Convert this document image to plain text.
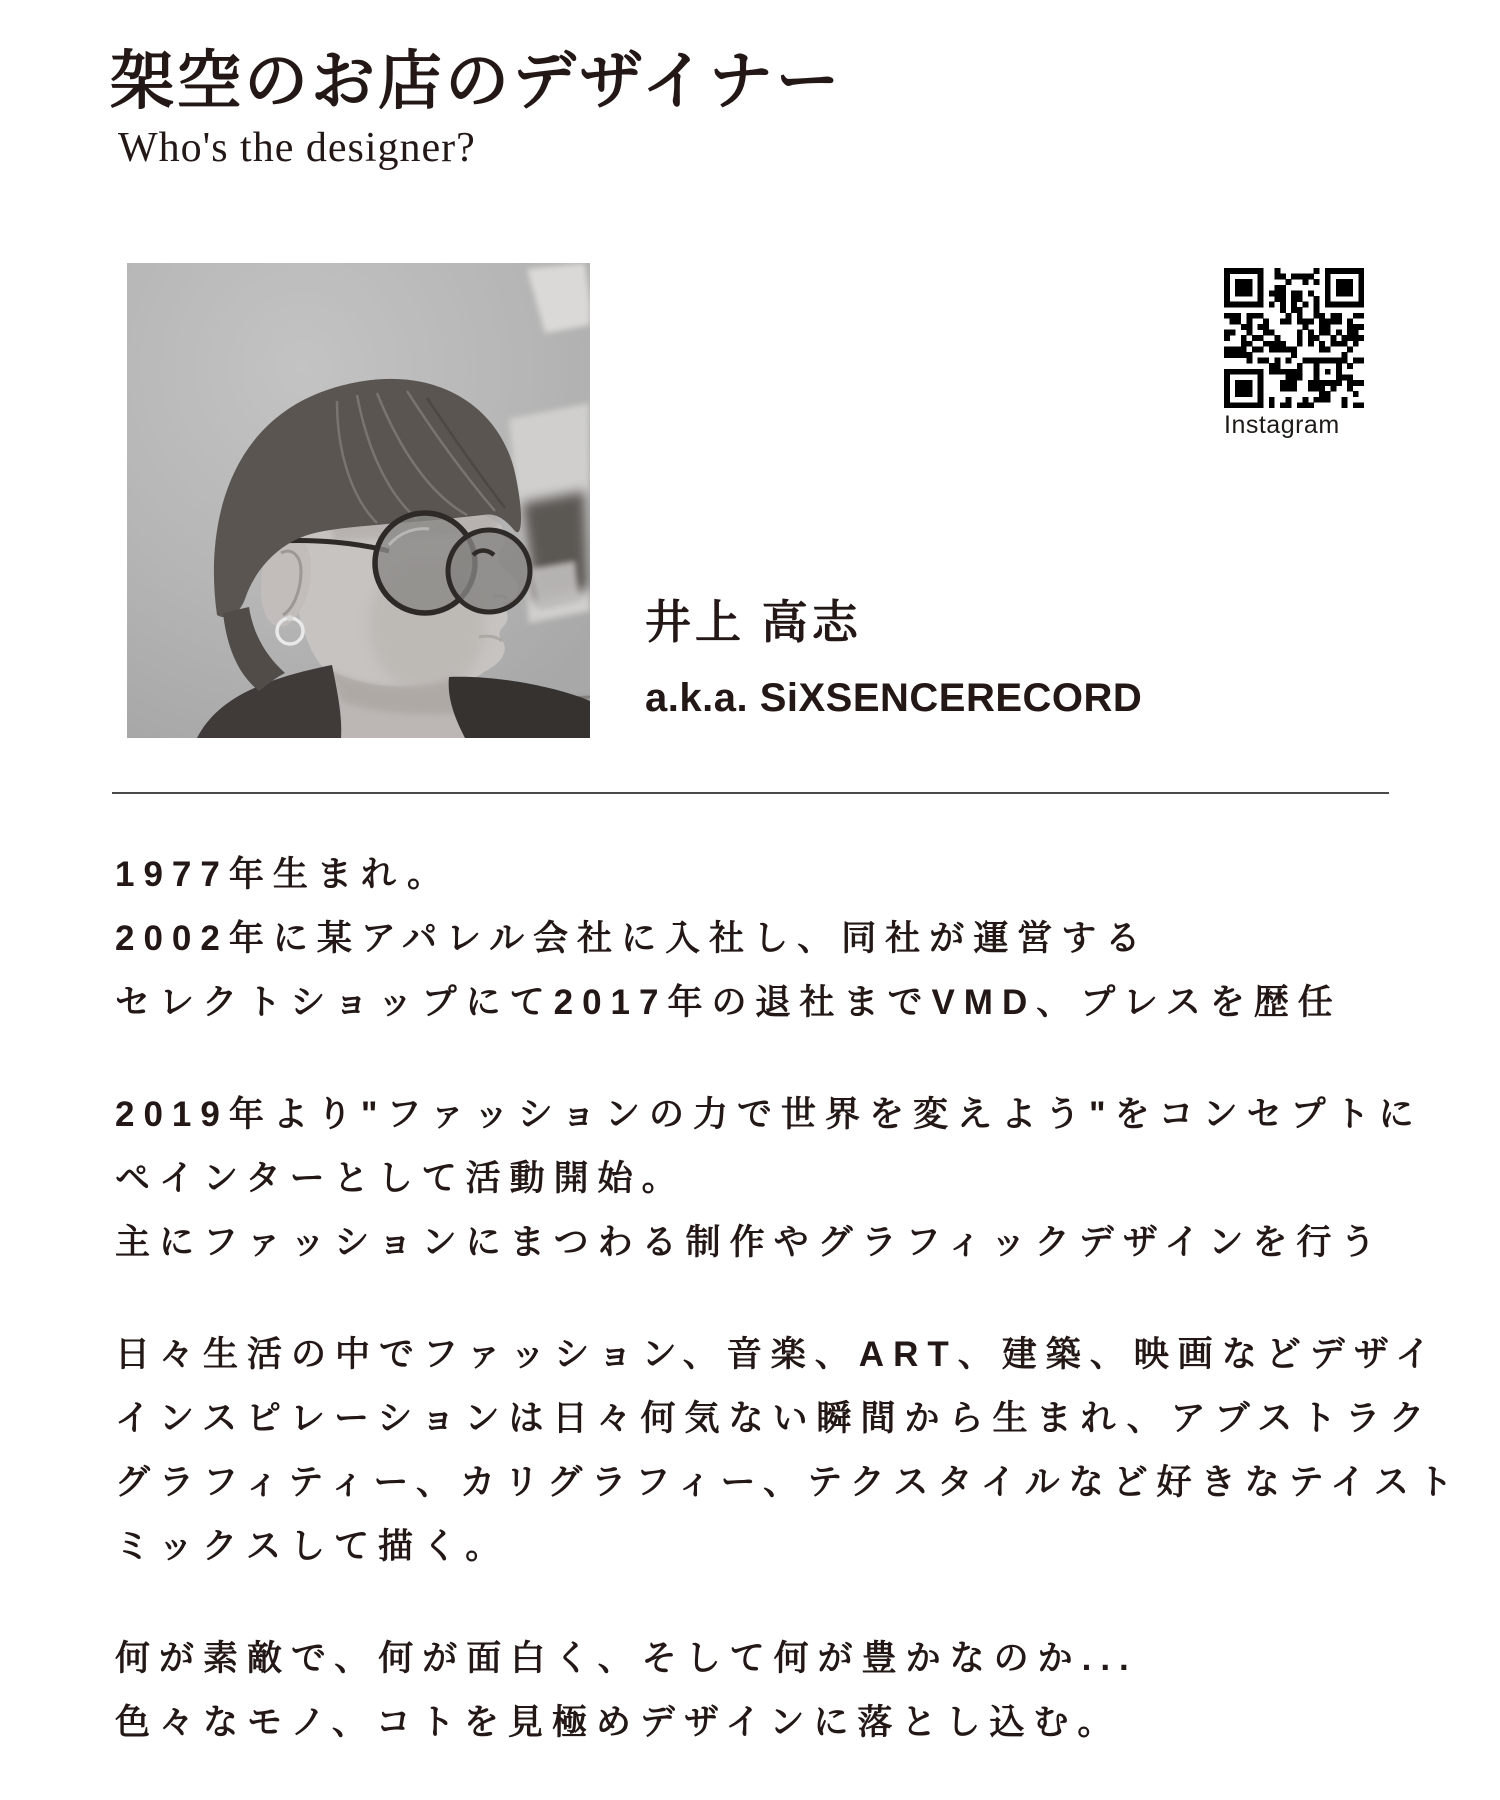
架空のお店のデザイナー
Who's the designer?
Instagram
井上 高志
a.k.a. SiXSENCERECORD
1977年生まれ。
2002年に某アパレル会社に入社し、同社が運営する
セレクトショップにて2017年の退社までVMD、プレスを歴任
2019年より"ファッションの力で世界を変えよう"をコンセプトに
ペインターとして活動開始。
主にファッションにまつわる制作やグラフィックデザインを行う
日々生活の中でファッション、音楽、ART、建築、映画などデザイ
インスピレーションは日々何気ない瞬間から生まれ、アブストラク
グラフィティー、カリグラフィー、テクスタイルなど好きなテイスト
ミックスして描く。
何が素敵で、何が面白く、そして何が豊かなのか...
色々なモノ、コトを見極めデザインに落とし込む。
